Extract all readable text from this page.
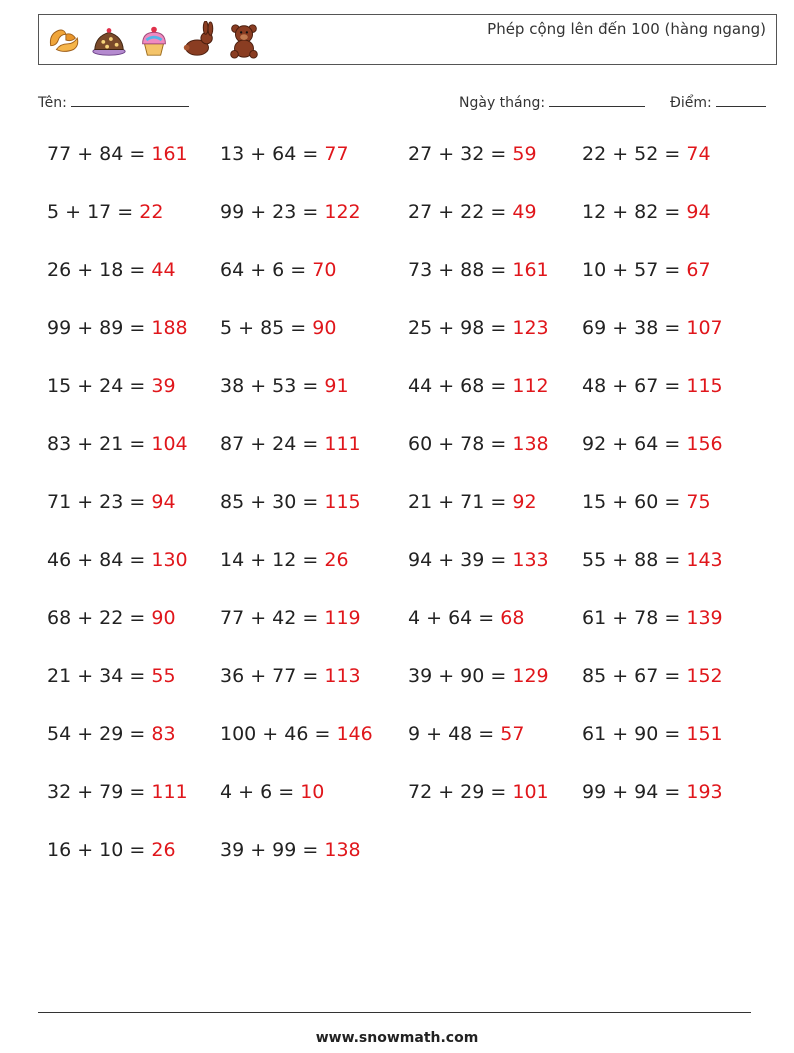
Phép cộng lên đến 100 (hàng ngang)
Tên:	Ngày tháng:	Điểm:
77 + 84 = 161 13 + 64 = 77	27 + 32 = 59 22 + 52 = 74
5 + 17 = 22	99 + 23 = 122 27 + 22 = 49 12 + 82 = 94
26 + 18 = 44 64 + 6 = 70	73 + 88 = 161 10 + 57 = 67
99 + 89 = 188 5 + 85 = 90	25 + 98 = 123 69 + 38 = 107
15 + 24 = 39 38 + 53 = 91	44 + 68 = 112 48 + 67 = 115
83 + 21 = 104 87 + 24 = 111 60 + 78 = 138 92 + 64 = 156
71 + 23 = 94 85 + 30 = 115 21 + 71 = 92 15 + 60 = 75
46 + 84 = 130 14 + 12 = 26	94 + 39 = 133 55 + 88 = 143
68 + 22 = 90 77 + 42 = 119 4 + 64 = 68	61 + 78 = 139
21 + 34 = 55 36 + 77 = 113 39 + 90 = 129 85 + 67 = 152
54 + 29 = 83 100 + 46 = 146 9 + 48 = 57	61 + 90 = 151
32 + 79 = 111 4 + 6 = 10	72 + 29 = 101 99 + 94 = 193
16 + 10 = 26 39 + 99 = 138
www.snowmath.com
